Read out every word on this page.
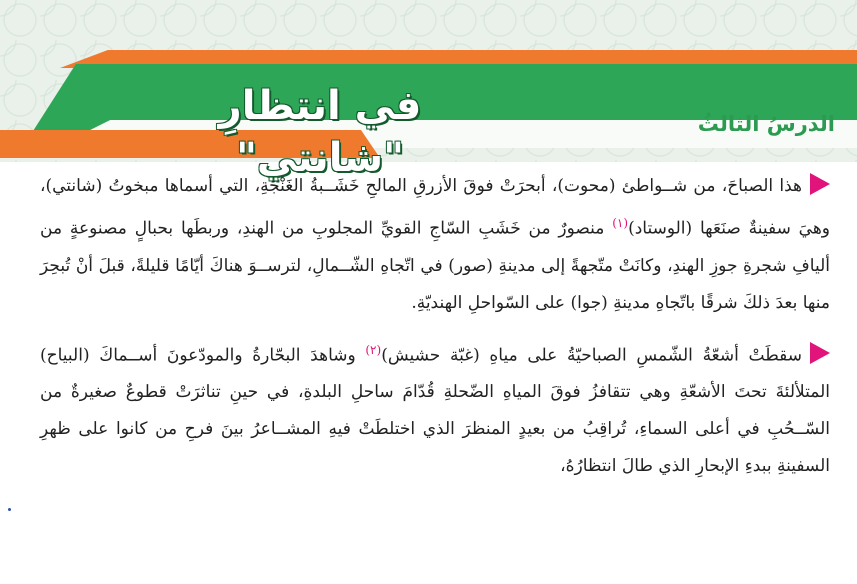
في انتظارِ "شانتي"
الدرسُ الثالثُ

هذا الصباحَ، من شــواطئ (محوت)، أبحرَتْ فوقَ الأزرقِ المالحِ خَشَــبةُ الغَنْجَةِ، التي أسماها مبخوتُ (شانتي)، وهيَ سفينةٌ صنَعَها (الوستاد)$^{(١)}$ منصورٌ من خَشَبِ السّاجِ القويِّ المجلوبِ من الهندِ، وربطَها بحبالٍ مصنوعةٍ من أليافِ شجرةِ جوزِ الهندِ، وكانَتْ متّجهةً إلى مدينةِ (صور) في اتّجاهِ الشّــمالِ، لترســوَ هناكَ أيّامًا قليلةً، قبلَ أنْ تُبحِرَ منها بعدَ ذلكَ شرقًا باتّجاهِ مدينةِ (جوا) على السّواحلِ الهنديّةِ.

سقطَتْ أشعّةُ الشّمسِ الصباحيّةُ على مياهِ (غبّة حشيش)$^{(٢)}$ وشاهدَ البحّارةُ والمودّعونَ أســماكَ (البياح) المتلألئةَ تحتَ الأشعّةِ وهي تتقافزُ فوقَ المياهِ الضّحلةِ قُدّامَ ساحلِ البلدةِ، في حينِ تناثرَتْ قطوعٌ صغيرةٌ من السّــحُبِ في أعلى السماءِ، تُراقِبُ من بعيدٍ المنظرَ الذي اختلطَتْ فيهِ المشــاعرُ بينَ فرحِ من كانوا على ظهرِ السفينةِ ببدءِ الإبحارِ الذي طالَ انتظارُهُ،
